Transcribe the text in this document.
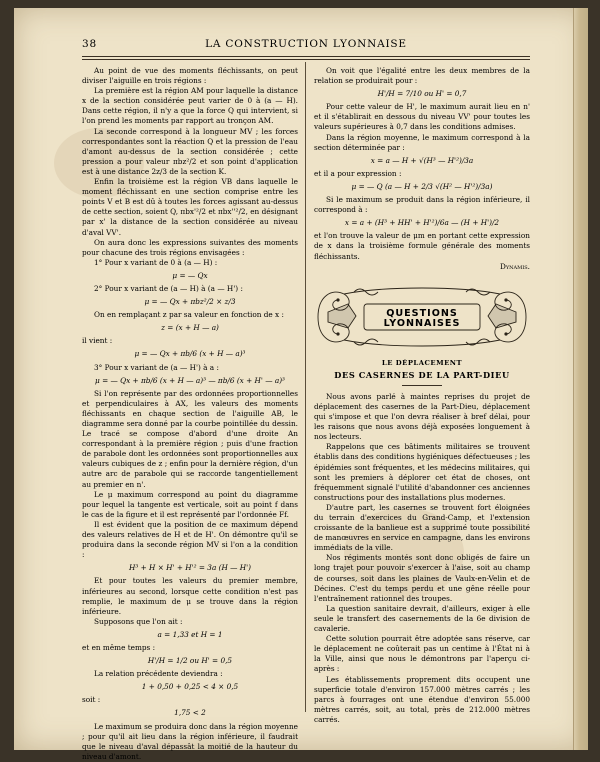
38	LA CONSTRUCTION LYONNAISE

Au point de vue des moments fléchissants, on peut diviser l'aiguille en trois régions :

La première est la région AM pour laquelle la distance x de la section considérée peut varier de 0 à (a — H). Dans cette région, il n'y a que la force Q qui intervient, si l'on prend les moments par rapport au tronçon AM.

La seconde correspond à la longueur MV ; les forces correspondantes sont la réaction Q et la pression de l'eau d'amont au-dessus de la section considérée ; cette pression a pour valeur πbz²/2 et son point d'application est à une distance 2z/3 de la section K.

Enfin la troisième est la région VB dans laquelle le moment fléchissant en une section comprise entre les points V et B est dû à toutes les forces agissant au-dessus de cette section, soient Q, πbx'²/2 et πbx''²/2, en désignant par x' la distance de la section considérée au niveau d'aval VV'.

On aura donc les expressions suivantes des moments pour chacune des trois régions envisagées :

1° Pour x variant de 0 à (a — H) :

μ = — Qx

2° Pour x variant de (a — H) à (a — H') :

μ = — Qx + πbz²/2 × z/3

On en remplaçant z par sa valeur en fonction de x :

z = (x + H — a)

il vient :

μ = — Qx + πb/6 (x + H — a)³

3° Pour x variant de (a — H') à a :

μ = — Qx + πb/6 (x + H — a)³ — πb/6 (x + H' — a)³

Si l'on représente par des ordonnées proportionnelles et perpendiculaires à AX, les valeurs des moments fléchissants en chaque section de l'aiguille AB, le diagramme sera donné par la courbe pointillée du dessin. Le tracé se compose d'abord d'une droite An correspondant à la première région ; puis d'une fraction de parabole dont les ordonnées sont proportionnelles aux valeurs cubiques de z ; enfin pour la dernière région, d'un autre arc de parabole qui se raccorde tangentiellement au premier en n'.

Le μ maximum correspond au point du diagramme pour lequel la tangente est verticale, soit au point f dans le cas de la figure et il est représenté par l'ordonnée Ff.

Il est évident que la position de ce maximum dépend des valeurs relatives de H et de H'. On démontre qu'il se produira dans la seconde région MV si l'on a la condition :

H³ + H × H' + H'² = 3a (H — H')

Et pour toutes les valeurs du premier membre, inférieures au second, lorsque cette condition n'est pas remplie, le maximum de μ se trouve dans la région inférieure.

Supposons que l'on ait :

a = 1,33 et H = 1

et en même temps :

H'/H = 1/2 ou H' = 0,5

La relation précédente deviendra :

1 + 0,50 + 0,25 < 4 × 0,5

soit :

1,75 < 2

Le maximum se produira donc dans la région moyenne ; pour qu'il ait lieu dans la région inférieure, il faudrait que le niveau d'aval dépassât la moitié de la hauteur du niveau d'amont.

On voit que l'égalité entre les deux membres de la relation se produirait pour :

H'/H = 7/10 ou H' = 0,7

Pour cette valeur de H', le maximum aurait lieu en n' et il s'établirait en dessous du niveau VV' pour toutes les valeurs supérieures à 0,7 dans les conditions admises.

Dans la région moyenne, le maximum correspond à la section déterminée par :

x = a — H + √(H³ — H'²)/3a

et il a pour expression :

μ = — Q (a — H + 2/3 √(H² — H'²)/3a)

Si le maximum se produit dans la région inférieure, il correspond à :

x = a + (H³ + HH' + H'²)/6a — (H + H')/2

et l'on trouve la valeur de μm en portant cette expression de x dans la troisième formule générale des moments fléchissants.

Dynamis.

QUESTIONS LYONNAISES
LE DÉPLACEMENT
DES CASERNES DE LA PART-DIEU

Nous avons parlé à maintes reprises du projet de déplacement des casernes de la Part-Dieu, déplacement qui s'impose et que l'on devra réaliser à bref délai, pour les raisons que nous avons déjà exposées longuement à nos lecteurs.

Rappelons que ces bâtiments militaires se trouvent établis dans des conditions hygiéniques défectueuses ; les épidémies sont fréquentes, et les médecins militaires, qui sont les premiers à déplorer cet état de choses, ont fréquemment signalé l'utilité d'abandonner ces anciennes constructions pour des installations plus modernes.

D'autre part, les casernes se trouvent fort éloignées du terrain d'exercices du Grand-Camp, et l'extension croissante de la banlieue est a supprimé toute possibilité de manœuvres en service en campagne, dans les environs immédiats de la ville.

Nos régiments montés sont donc obligés de faire un long trajet pour pouvoir s'exercer à l'aise, soit au champ de courses, soit dans les plaines de Vaulx-en-Velin et de Décines. C'est du temps perdu et une gêne réelle pour l'entraînement rationnel des troupes.

La question sanitaire devrait, d'ailleurs, exiger à elle seule le transfert des casernements de la 6e division de cavalerie.

Cette solution pourrait être adoptée sans réserve, car le déplacement ne coûterait pas un centime à l'État ni à la Ville, ainsi que nous le démontrons par l'aperçu ci-après :

Les établissements proprement dits occupent une superficie totale d'environ 157.000 mètres carrés ; les parcs à fourrages ont une étendue d'environ 55.000 mètres carrés, soit, au total, près de 212.000 mètres carrés.
